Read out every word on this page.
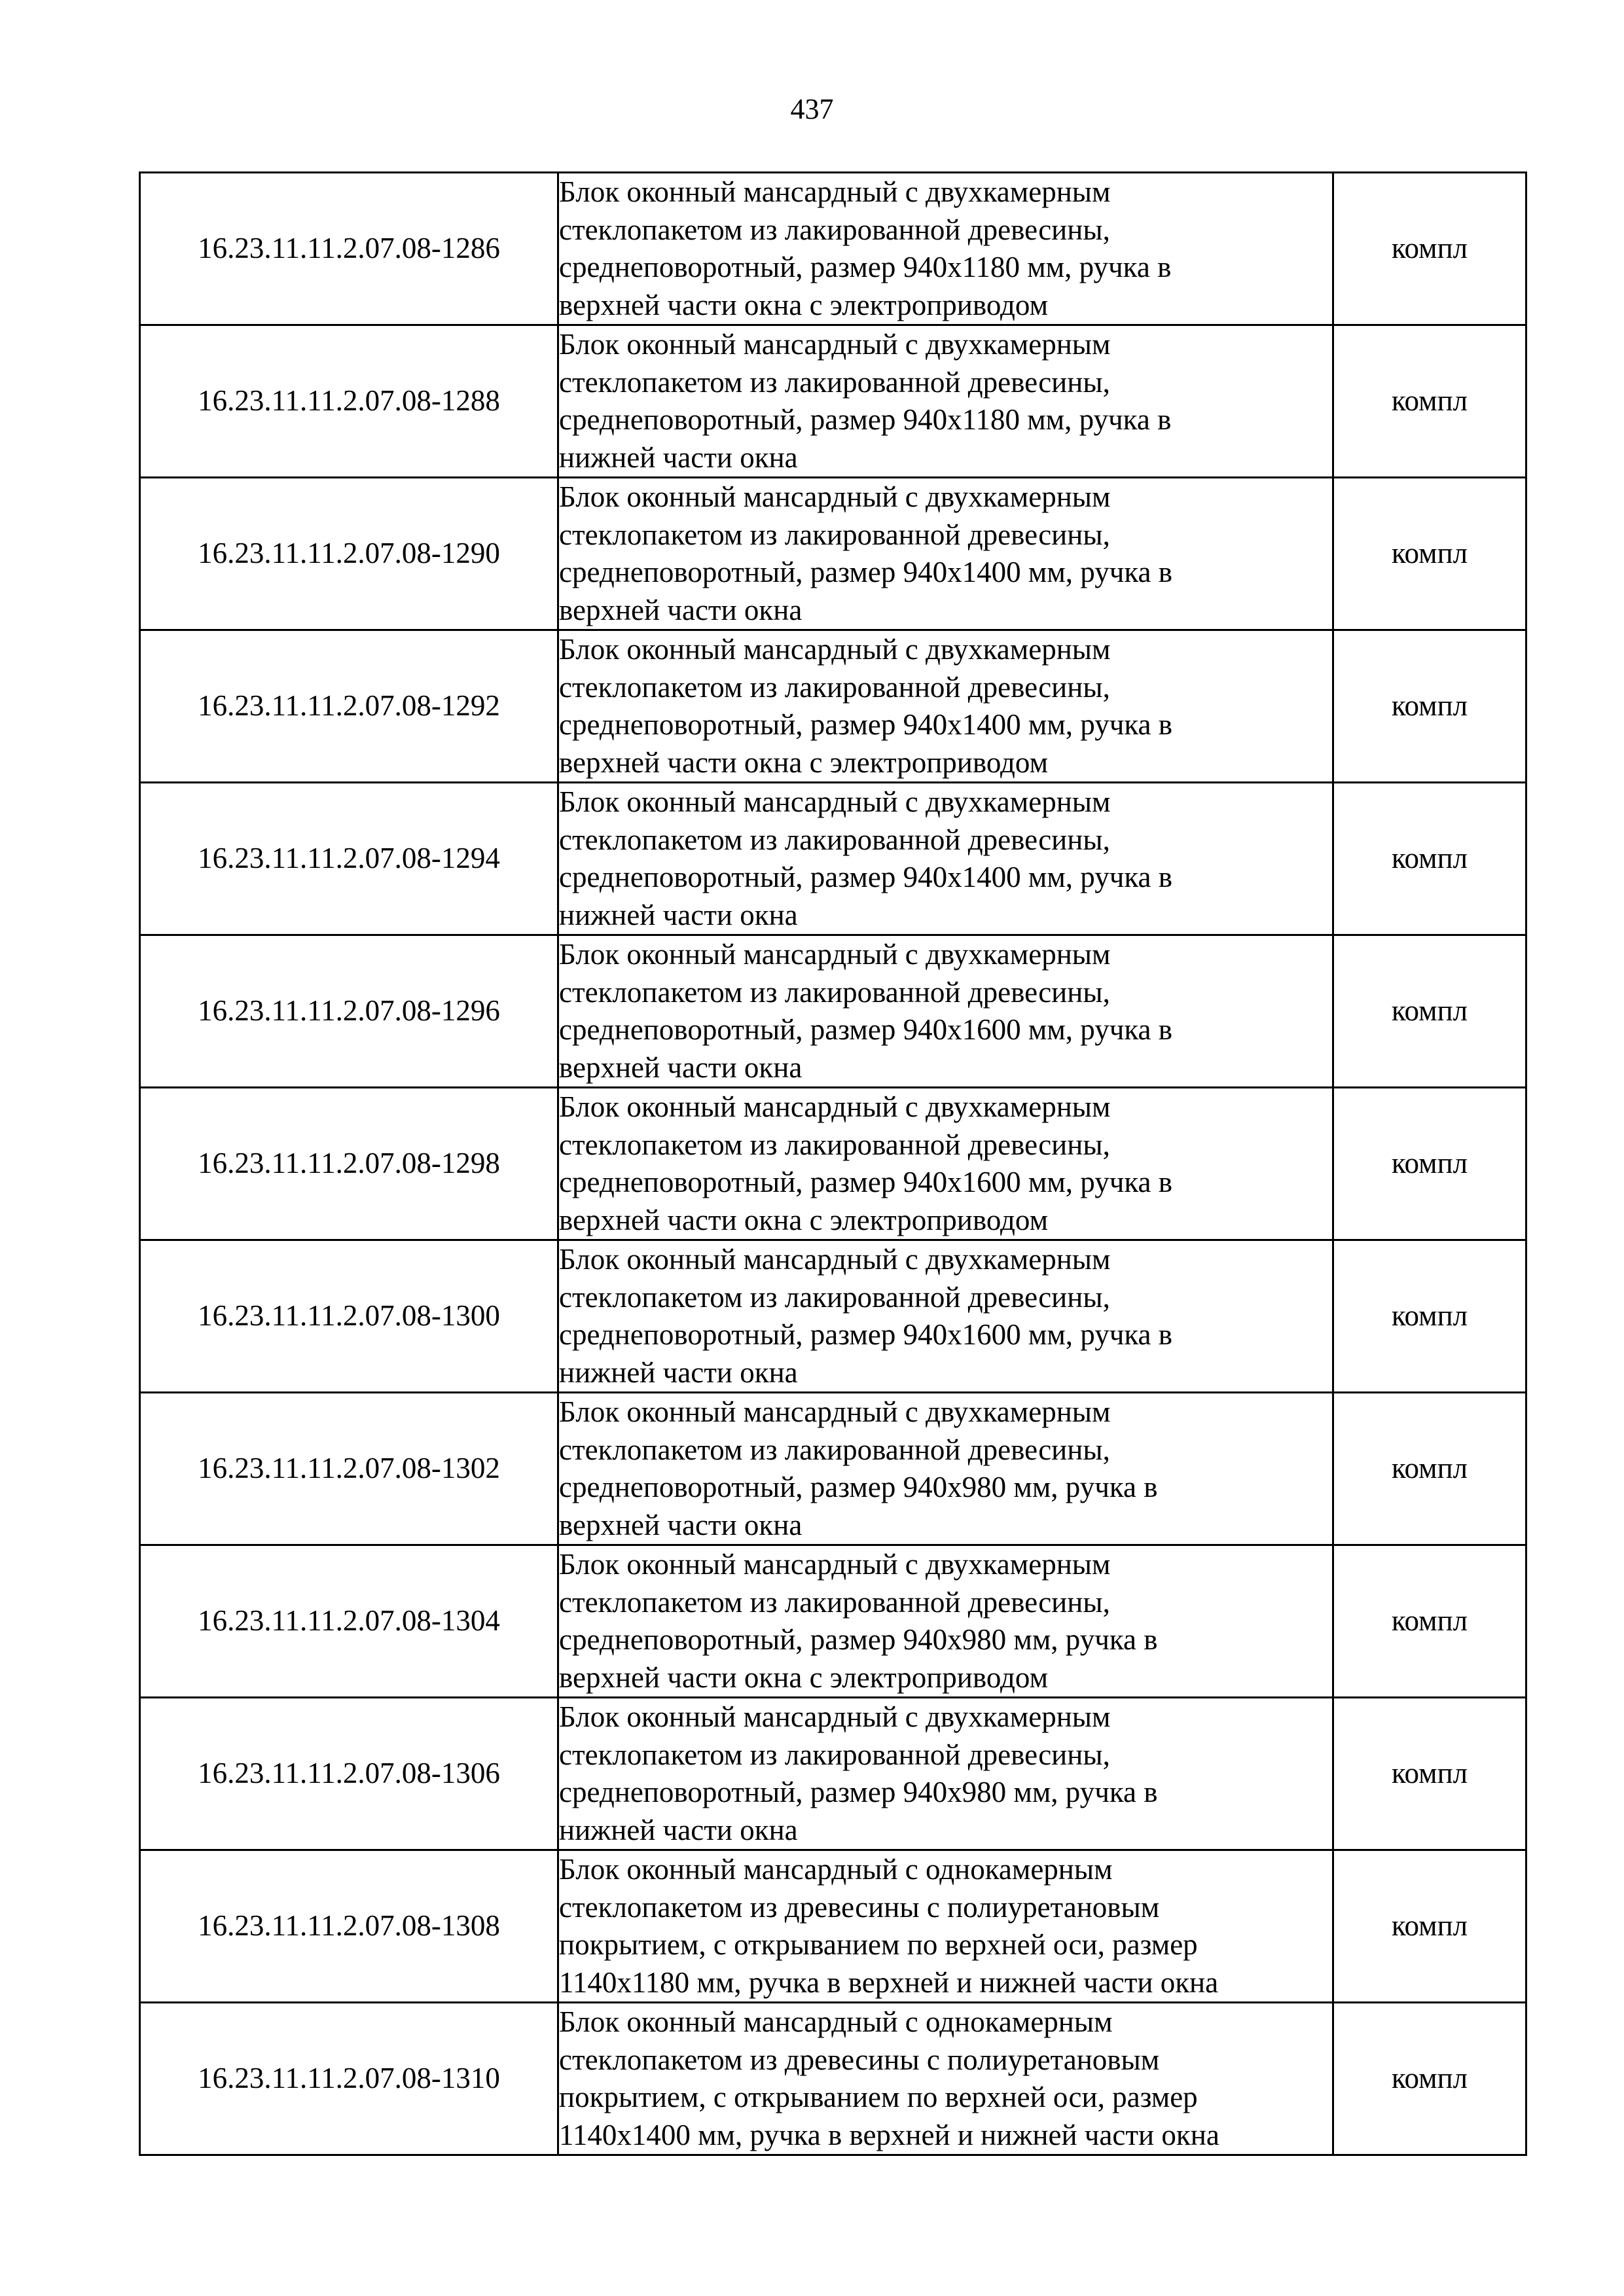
437
16.23.11.11.2.07.08-1286	Блок оконный мансардный с двухкамерным
стеклопакетом из лакированной древесины,
среднеповоротный, размер 940х1180 мм, ручка в
верхней части окна с электроприводом	компл
16.23.11.11.2.07.08-1288	Блок оконный мансардный с двухкамерным
стеклопакетом из лакированной древесины,
среднеповоротный, размер 940х1180 мм, ручка в
нижней части окна	компл
16.23.11.11.2.07.08-1290	Блок оконный мансардный с двухкамерным
стеклопакетом из лакированной древесины,
среднеповоротный, размер 940х1400 мм, ручка в
верхней части окна	компл
16.23.11.11.2.07.08-1292	Блок оконный мансардный с двухкамерным
стеклопакетом из лакированной древесины,
среднеповоротный, размер 940х1400 мм, ручка в
верхней части окна с электроприводом	компл
16.23.11.11.2.07.08-1294	Блок оконный мансардный с двухкамерным
стеклопакетом из лакированной древесины,
среднеповоротный, размер 940х1400 мм, ручка в
нижней части окна	компл
16.23.11.11.2.07.08-1296	Блок оконный мансардный с двухкамерным
стеклопакетом из лакированной древесины,
среднеповоротный, размер 940х1600 мм, ручка в
верхней части окна	компл
16.23.11.11.2.07.08-1298	Блок оконный мансардный с двухкамерным
стеклопакетом из лакированной древесины,
среднеповоротный, размер 940х1600 мм, ручка в
верхней части окна с электроприводом	компл
16.23.11.11.2.07.08-1300	Блок оконный мансардный с двухкамерным
стеклопакетом из лакированной древесины,
среднеповоротный, размер 940х1600 мм, ручка в
нижней части окна	компл
16.23.11.11.2.07.08-1302	Блок оконный мансардный с двухкамерным
стеклопакетом из лакированной древесины,
среднеповоротный, размер 940х980 мм, ручка в
верхней части окна	компл
16.23.11.11.2.07.08-1304	Блок оконный мансардный с двухкамерным
стеклопакетом из лакированной древесины,
среднеповоротный, размер 940х980 мм, ручка в
верхней части окна с электроприводом	компл
16.23.11.11.2.07.08-1306	Блок оконный мансардный с двухкамерным
стеклопакетом из лакированной древесины,
среднеповоротный, размер 940х980 мм, ручка в
нижней части окна	компл
16.23.11.11.2.07.08-1308	Блок оконный мансардный с однокамерным
стеклопакетом из древесины с полиуретановым
покрытием, с открыванием по верхней оси, размер
1140х1180 мм, ручка в верхней и нижней части окна	компл
16.23.11.11.2.07.08-1310	Блок оконный мансардный с однокамерным
стеклопакетом из древесины с полиуретановым
покрытием, с открыванием по верхней оси, размер
1140х1400 мм, ручка в верхней и нижней части окна	компл
